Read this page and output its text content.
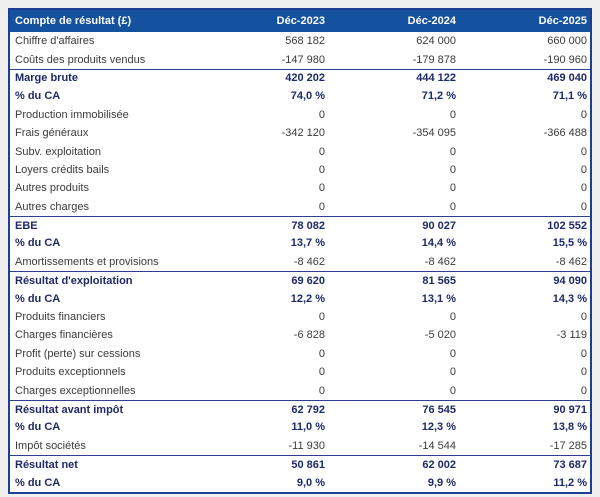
Compte de résultat (£)	Déc-2023	Déc-2024	Déc-2025
Chiffre d'affaires	568 182	624 000	660 000
Coûts des produits vendus	-147 980	-179 878	-190 960
Marge brute	420 202	444 122	469 040
% du CA	74,0 %	71,2 %	71,1 %
Production immobilisée	0	0	0
Frais généraux	-342 120	-354 095	-366 488
Subv. exploitation	0	0	0
Loyers crédits bails	0	0	0
Autres produits	0	0	0
Autres charges	0	0	0
EBE	78 082	90 027	102 552
% du CA	13,7 %	14,4 %	15,5 %
Amortissements et provisions	-8 462	-8 462	-8 462
Résultat d'exploitation	69 620	81 565	94 090
% du CA	12,2 %	13,1 %	14,3 %
Produits financiers	0	0	0
Charges financières	-6 828	-5 020	-3 119
Profit (perte) sur cessions	0	0	0
Produits exceptionnels	0	0	0
Charges exceptionnelles	0	0	0
Résultat avant impôt	62 792	76 545	90 971
% du CA	11,0 %	12,3 %	13,8 %
Impôt sociétés	-11 930	-14 544	-17 285
Résultat net	50 861	62 002	73 687
% du CA	9,0 %	9,9 %	11,2 %
